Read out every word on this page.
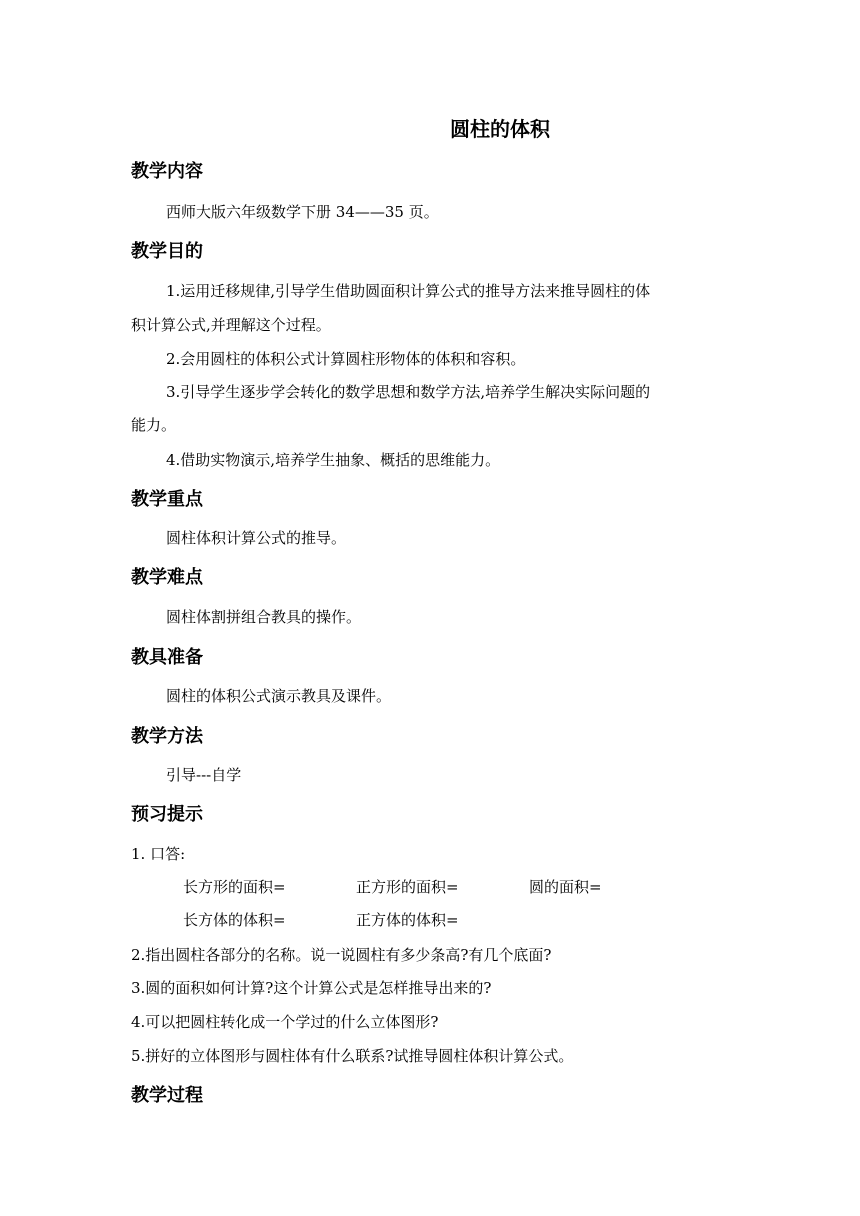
圆柱的体积
教学内容
西师大版六年级数学下册 34——35 页。
教学目的
1.运用迁移规律,引导学生借助圆面积计算公式的推导方法来推导圆柱的体
积计算公式,并理解这个过程。
2.会用圆柱的体积公式计算圆柱形物体的体积和容积。
3.引导学生逐步学会转化的数学思想和数学方法,培养学生解决实际问题的
能力。
4.借助实物演示,培养学生抽象、概括的思维能力。
教学重点
圆柱体积计算公式的推导。
教学难点
圆柱体割拼组合教具的操作。
教具准备
圆柱的体积公式演示教具及课件。
教学方法
引导---自学
预习提示
1. 口答:
长方形的面积=	正方形的面积=	圆的面积=
长方体的体积=	正方体的体积=
2.指出圆柱各部分的名称。说一说圆柱有多少条高?有几个底面?
3.圆的面积如何计算?这个计算公式是怎样推导出来的?
4.可以把圆柱转化成一个学过的什么立体图形?
5.拼好的立体图形与圆柱体有什么联系?试推导圆柱体积计算公式。
教学过程
